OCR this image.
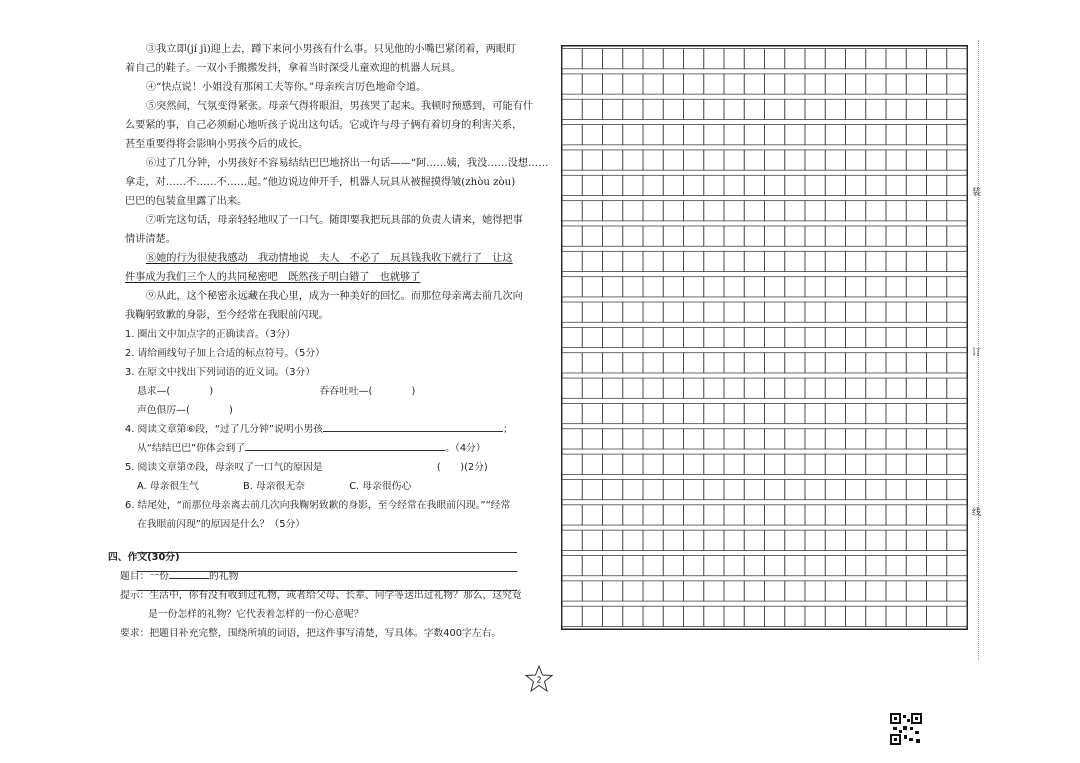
③我立即(jí jì)迎上去，蹲下来问小男孩有什么事。只见他的小嘴巴紧闭着，两眼盯
着自己的鞋子。一双小手搬搬发抖，拿着当时深受儿童欢迎的机器人玩具。
④“快点说！小姐没有那闲工夫等你。”母亲疾言厉色地命令道。
⑤突然间，气氛变得紧张。母亲气得将眼泪，男孩哭了起来。我顿时预感到，可能有什
么要紧的事，自己必须耐心地听孩子说出这句话。它或许与母子俩有着切身的利害关系，
甚至重要得将会影响小男孩今后的成长。
⑥过了几分钟，小男孩好不容易结结巴巴地挤出一句话——“阿……姨，我没……没想……
拿走，对……不……不……起。”他边说边伸开手，机器人玩具从被握摸得皱(zhòu zòu)
巴巴的包装盒里露了出来。
⑦听完这句话，母亲轻轻地叹了一口气。随即要我把玩具部的负责人请来，她得把事
情讲清楚。
⑧她的行为很使我感动　我动情地说　夫人　不必了　玩具钱我收下就行了　让这
件事成为我们三个人的共同秘密吧　既然孩子明白错了　也就够了
⑨从此，这个秘密永远藏在我心里，成为一种美好的回忆。而那位母亲离去前几次向
我鞠躬致歉的身影，至今经常在我眼前闪现。
1. 圈出文中加点字的正确读音。（3分）
2. 请给画线句子加上合适的标点符号。（5分）
3. 在原文中找出下列词语的近义词。（3分）
恳求—(　　　　)	吞吞吐吐—(　　　　)
声色俱厉—(　　　　)
4. 阅读文章第⑥段，“过了几分钟”说明小男孩	；
从“结结巴巴”你体会到了	。（4分）
5. 阅读文章第⑦段，母亲叹了一口气的原因是	(　　)(2分)
A. 母亲很生气	B. 母亲很无奈	C. 母亲很伤心
6. 结尾处，“而那位母亲离去前几次向我鞠躬致歉的身影，至今经常在我眼前闪现。”“经常
在我眼前闪现”的原因是什么？（5分）
四、作文(30分)
题目：一份	的礼物
提示：生活中，你有没有收到过礼物，或者给父母、长辈、同学等送出过礼物？那么，这究竟
是一份怎样的礼物？它代表着怎样的一份心意呢？
要求：把题目补充完整，围绕所填的词语，把这件事写清楚，写具体。字数400字左右。
装
订
线
2
